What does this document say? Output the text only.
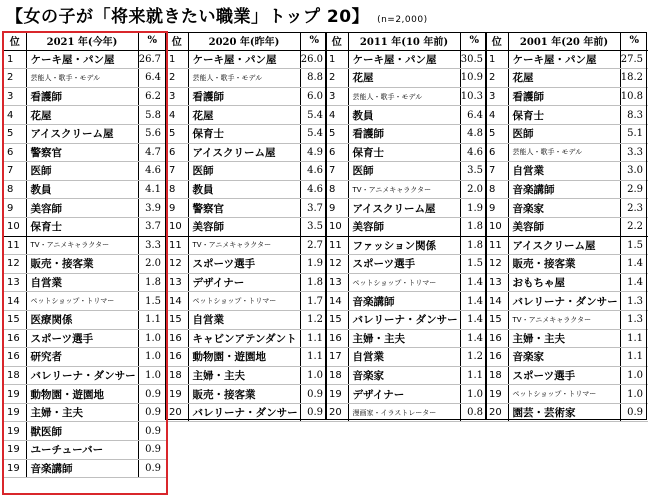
【女の子が「将来就きたい職業」トップ 20】 (n=2,000)
位	2021 年(今年)	%
1	ケーキ屋・パン屋	26.7
2	芸能人・歌手・モデル	6.4
3	看護師	6.2
4	花屋	5.8
5	アイスクリーム屋	5.6
6	警察官	4.7
7	医師	4.6
8	教員	4.1
9	美容師	3.9
10	保育士	3.7
11	TV・アニメキャラクター	3.3
12	販売・接客業	2.0
13	自営業	1.8
14	ペットショップ・トリマー	1.5
15	医療関係	1.1
16	スポーツ選手	1.0
16	研究者	1.0
18	バレリーナ・ダンサー	1.0
19	動物園・遊園地	0.9
19	主婦・主夫	0.9
19	獣医師	0.9
19	ユーチューバー	0.9
19	音楽講師	0.9
位	2020 年(昨年)	%
1	ケーキ屋・パン屋	26.0
2	芸能人・歌手・モデル	8.8
3	看護師	6.0
4	花屋	5.4
5	保育士	5.4
6	アイスクリーム屋	4.9
7	医師	4.6
8	教員	4.6
9	警察官	3.7
10	美容師	3.5
11	TV・アニメキャラクター	2.7
12	スポーツ選手	1.9
13	デザイナー	1.8
14	ペットショップ・トリマー	1.7
15	自営業	1.2
16	キャビンアテンダント	1.1
16	動物園・遊園地	1.1
18	主婦・主夫	1.0
19	販売・接客業	0.9
20	バレリーナ・ダンサー	0.9
位	2011 年(10 年前)	%
1	ケーキ屋・パン屋	30.5
2	花屋	10.9
3	芸能人・歌手・モデル	10.3
4	教員	6.4
5	看護師	4.8
6	保育士	4.6
7	医師	3.5
8	TV・アニメキャラクター	2.0
9	アイスクリーム屋	1.9
10	美容師	1.8
11	ファッション関係	1.8
12	スポーツ選手	1.5
13	ペットショップ・トリマー	1.4
14	音楽講師	1.4
15	バレリーナ・ダンサー	1.4
16	主婦・主夫	1.4
17	自営業	1.2
18	音楽家	1.1
19	デザイナー	1.0
20	漫画家・イラストレーター	0.8
位	2001 年(20 年前)	%
1	ケーキ屋・パン屋	27.5
2	花屋	18.2
3	看護師	10.8
4	保育士	8.3
5	医師	5.1
6	芸能人・歌手・モデル	3.3
7	自営業	3.0
8	音楽講師	2.9
9	音楽家	2.3
10	美容師	2.2
11	アイスクリーム屋	1.5
12	販売・接客業	1.4
13	おもちゃ屋	1.4
14	バレリーナ・ダンサー	1.3
15	TV・アニメキャラクター	1.3
16	主婦・主夫	1.1
16	音楽家	1.1
18	スポーツ選手	1.0
19	ペットショップ・トリマー	1.0
20	園芸・芸術家	0.9
